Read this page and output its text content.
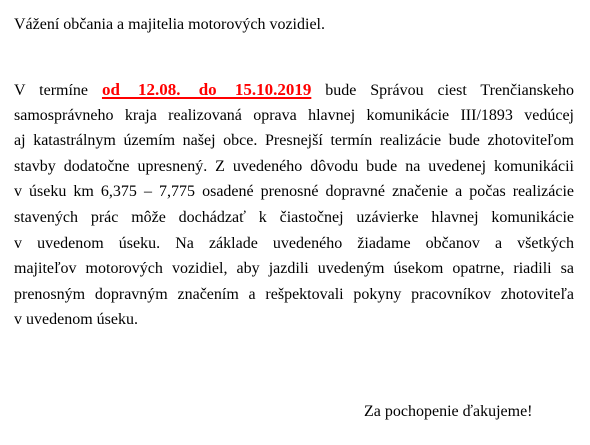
Vážení občania a majitelia motorových vozidiel.
V termíne od 12.08. do 15.10.2019 bude Správou ciest Trenčianskeho
samosprávneho kraja realizovaná oprava hlavnej komunikácie III/1893 vedúcej
aj katastrálnym územím našej obce. Presnejší termín realizácie bude zhotoviteľom
stavby dodatočne upresnený. Z uvedeného dôvodu bude na uvedenej komunikácii
v úseku km 6,375 – 7,775 osadené prenosné dopravné značenie a počas realizácie
stavených prác môže dochádzať k čiastočnej uzávierke hlavnej komunikácie
v uvedenom úseku. Na základe uvedeného žiadame občanov a všetkých
majiteľov motorových vozidiel, aby jazdili uvedeným úsekom opatrne, riadili sa
prenosným dopravným značením a rešpektovali pokyny pracovníkov zhotoviteľa
v uvedenom úseku.
Za pochopenie ďakujeme!
